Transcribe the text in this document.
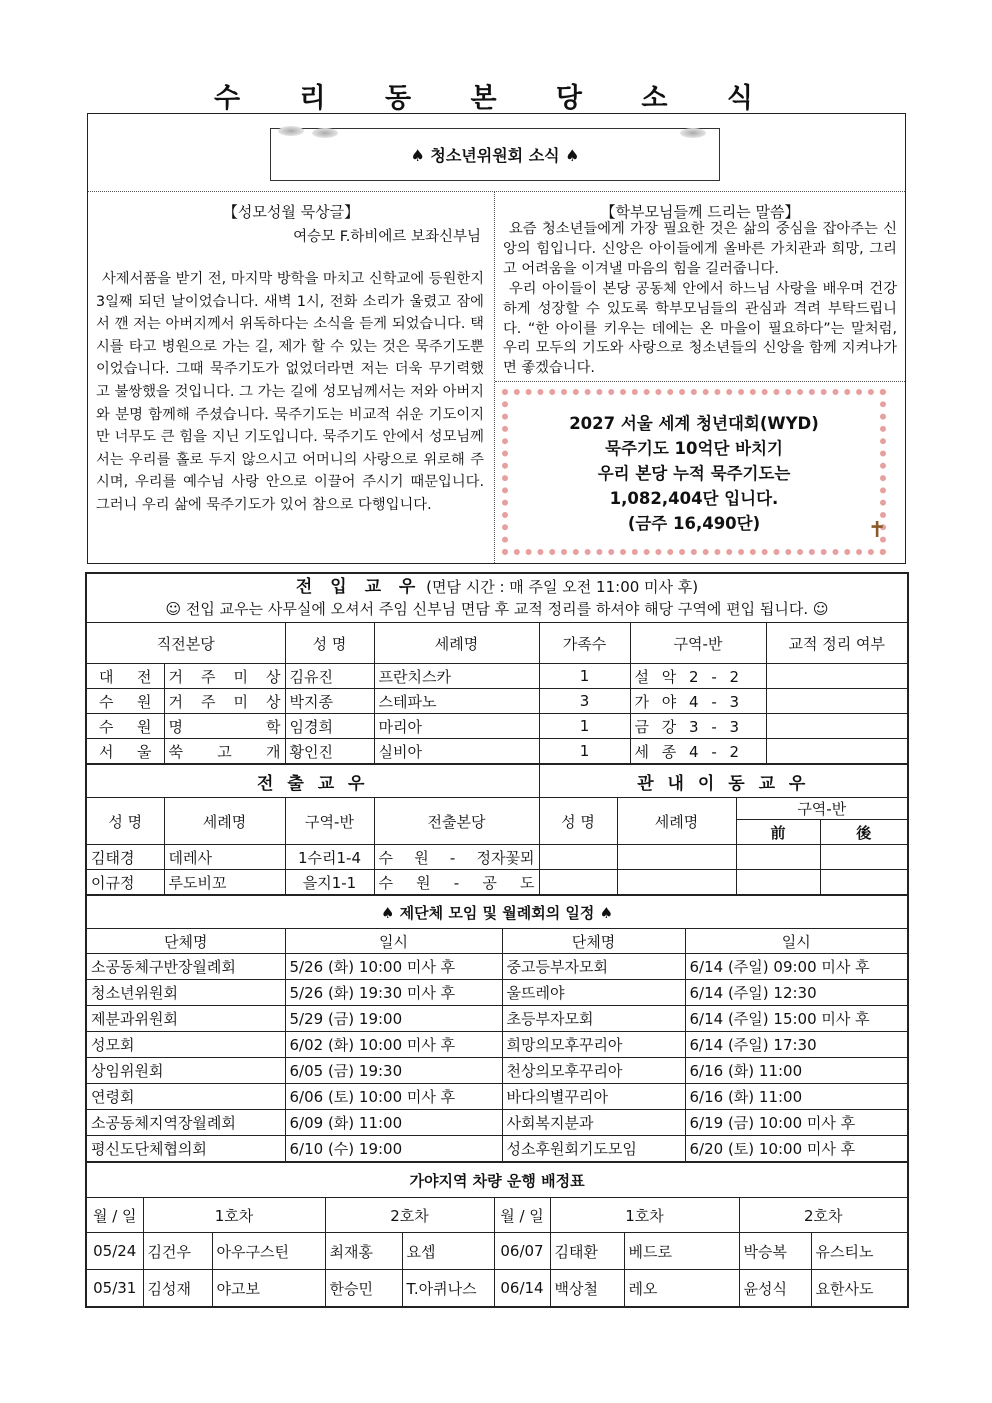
수 리 동 본 당 소 식
♠ 청소년위원회 소식 ♠
【성모성월 묵상글】
여승모 F.하비에르 보좌신부님
사제서품을 받기 전, 마지막 방학을 마치고 신학교에 등원한지 3일째 되던 날이었습니다. 새벽 1시, 전화 소리가 울렸고 잠에서 깬 저는 아버지께서 위독하다는 소식을 듣게 되었습니다. 택시를 타고 병원으로 가는 길, 제가 할 수 있는 것은 묵주기도뿐이었습니다. 그때 묵주기도가 없었더라면 저는 더욱 무기력했고 불쌍했을 것입니다. 그 가는 길에 성모님께서는 저와 아버지와 분명 함께해 주셨습니다. 묵주기도는 비교적 쉬운 기도이지만 너무도 큰 힘을 지닌 기도입니다. 묵주기도 안에서 성모님께서는 우리를 홀로 두지 않으시고 어머니의 사랑으로 위로해 주시며, 우리를 예수님 사랑 안으로 이끌어 주시기 때문입니다. 그러니 우리 삶에 묵주기도가 있어 참으로 다행입니다.
【학부모님들께 드리는 말씀】
요즘 청소년들에게 가장 필요한 것은 삶의 중심을 잡아주는 신앙의 힘입니다. 신앙은 아이들에게 올바른 가치관과 희망, 그리고 어려움을 이겨낼 마음의 힘을 길러줍니다.
우리 아이들이 본당 공동체 안에서 하느님 사랑을 배우며 건강하게 성장할 수 있도록 학부모님들의 관심과 격려 부탁드립니다. “한 아이를 키우는 데에는 온 마을이 필요하다”는 말처럼, 우리 모두의 기도와 사랑으로 청소년들의 신앙을 함께 지켜나가면 좋겠습니다.
2027 서울 세계 청년대회(WYD)
묵주기도 10억단 바치기
우리 본당 누적 묵주기도는
1,082,404단 입니다.
(금주 16,490단)	✝
전 입 교 우 (면담 시간 : 매 주일 오전 11:00 미사 후)
☺ 전입 교우는 사무실에 오셔서 주임 신부님 면담 후 교적 정리를 하셔야 해당 구역에 편입 됩니다. ☺						

직전본당		성 명	세례명	가족수	구역-반	교적 정리 여부
대 전	거 주 미 상	김유진	프란치스카	1	설 악 2 - 2	
수 원	거 주 미 상	박지종	스테파노	3	가 야 4 - 3	
수 원	명 학	임경희	마리아	1	금 강 3 - 3	
서 울	쑥 고 개	황인진	실비아	1	세 종 4 - 2	
전 출 교 우				관 내 이 동 교 우			
성 명	세례명	구역-반	전출본당	성 명	세례명	구역-반	
						前	後
김태경	데레사	1수리1-4	수 원 - 정자꽃뫼				
이규정	루도비꼬	을지1-1	수 원 - 공 도				
♠ 제단체 모임 및 월례회의 일정 ♠			
단체명	일시	단체명	일시
소공동체구반장월례회	5/26 (화) 10:00 미사 후	중고등부자모회	6/14 (주일) 09:00 미사 후
청소년위원회	5/26 (화) 19:30 미사 후	울뜨레야	6/14 (주일) 12:30
제분과위원회	5/29 (금) 19:00	초등부자모회	6/14 (주일) 15:00 미사 후
성모회	6/02 (화) 10:00 미사 후	희망의모후꾸리아	6/14 (주일) 17:30
상임위원회	6/05 (금) 19:30	천상의모후꾸리아	6/16 (화) 11:00
연령회	6/06 (토) 10:00 미사 후	바다의별꾸리아	6/16 (화) 11:00
소공동체지역장월례회	6/09 (화) 11:00	사회복지분과	6/19 (금) 10:00 미사 후
평신도단체협의회	6/10 (수) 19:00	성소후원회기도모임	6/20 (토) 10:00 미사 후
가야지역 차량 운행 배정표									
월 / 일	1호차		2호차		월 / 일	1호차		2호차	
05/24	김건우	아우구스틴	최재홍	요셉	06/07	김태환	베드로	박승복	유스티노
05/31	김성재	야고보	한승민	T.아퀴나스	06/14	백상철	레오	윤성식	요한사도
